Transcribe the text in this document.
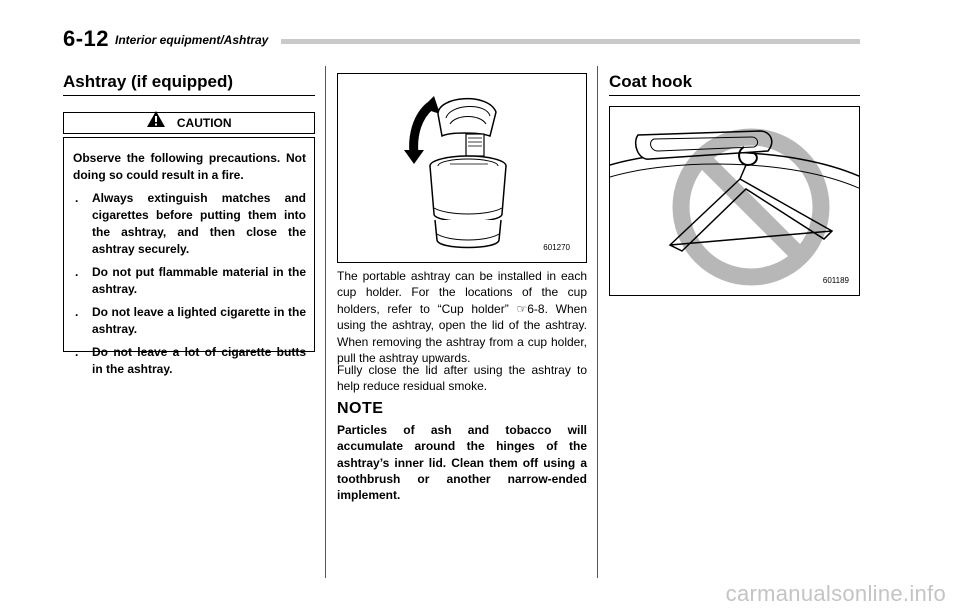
6-12 Interior equipment/Ashtray
Ashtray (if equipped)
CAUTION

Observe the following precautions. Not doing so could result in a fire.

. Always extinguish matches and cigarettes before putting them into the ashtray, and then close the ashtray securely.
. Do not put flammable material in the ashtray.
. Do not leave a lighted cigarette in the ashtray.
. Do not leave a lot of cigarette butts in the ashtray.
601270

The portable ashtray can be installed in each cup holder. For the locations of the cup holders, refer to “Cup holder” ☞6-8. When using the ashtray, open the lid of the ashtray. When removing the ashtray from a cup holder, pull the ashtray upwards.

Fully close the lid after using the ashtray to help reduce residual smoke.

NOTE

Particles of ash and tobacco will accumulate around the hinges of the ashtray’s inner lid. Clean them off using a toothbrush or another narrow-ended implement.

Coat hook
601189
carmanualsonline.info
